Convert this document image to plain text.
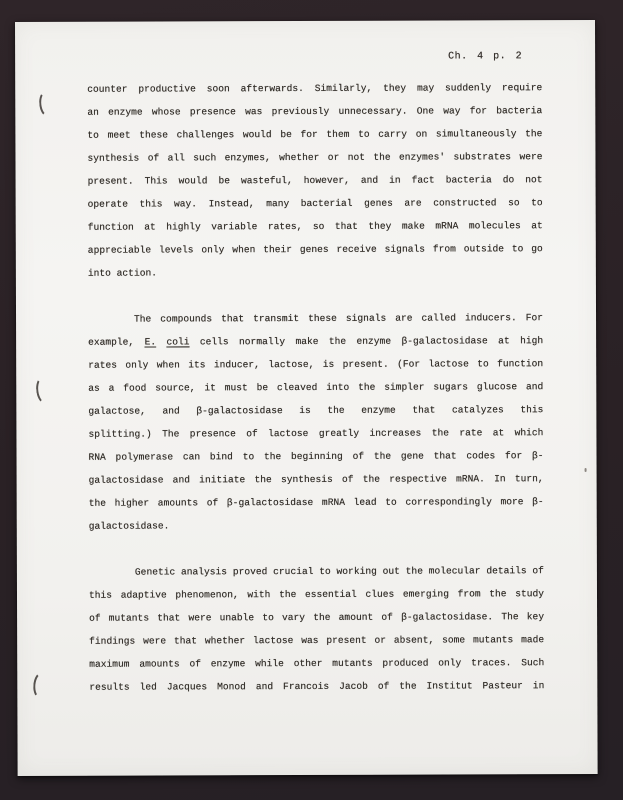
Ch. 4 p. 2
counter productive soon afterwards. Similarly, they may suddenly require
an enzyme whose presence was previously unnecessary. One way for bacteria
to meet these challenges would be for them to carry on simultaneously the
synthesis of all such enzymes, whether or not the enzymes' substrates were
present. This would be wasteful, however, and in fact bacteria do not
operate this way. Instead, many bacterial genes are constructed so to
function at highly variable rates, so that they make mRNA molecules at
appreciable levels only when their genes receive signals from outside to go
into action.
The compounds that transmit these signals are called inducers. For
example, E. coli cells normally make the enzyme β-galactosidase at high
rates only when its inducer, lactose, is present. (For lactose to function
as a food source, it must be cleaved into the simpler sugars glucose and
galactose, and β-galactosidase is the enzyme that catalyzes this
splitting.) The presence of lactose greatly increases the rate at which
RNA polymerase can bind to the beginning of the gene that codes for β-
galactosidase and initiate the synthesis of the respective mRNA. In turn,
the higher amounts of β-galactosidase mRNA lead to correspondingly more β-
galactosidase.
Genetic analysis proved crucial to working out the molecular details of
this adaptive phenomenon, with the essential clues emerging from the study
of mutants that were unable to vary the amount of β-galactosidase. The key
findings were that whether lactose was present or absent, some mutants made
maximum amounts of enzyme while other mutants produced only traces. Such
results led Jacques Monod and Francois Jacob of the Institut Pasteur in
